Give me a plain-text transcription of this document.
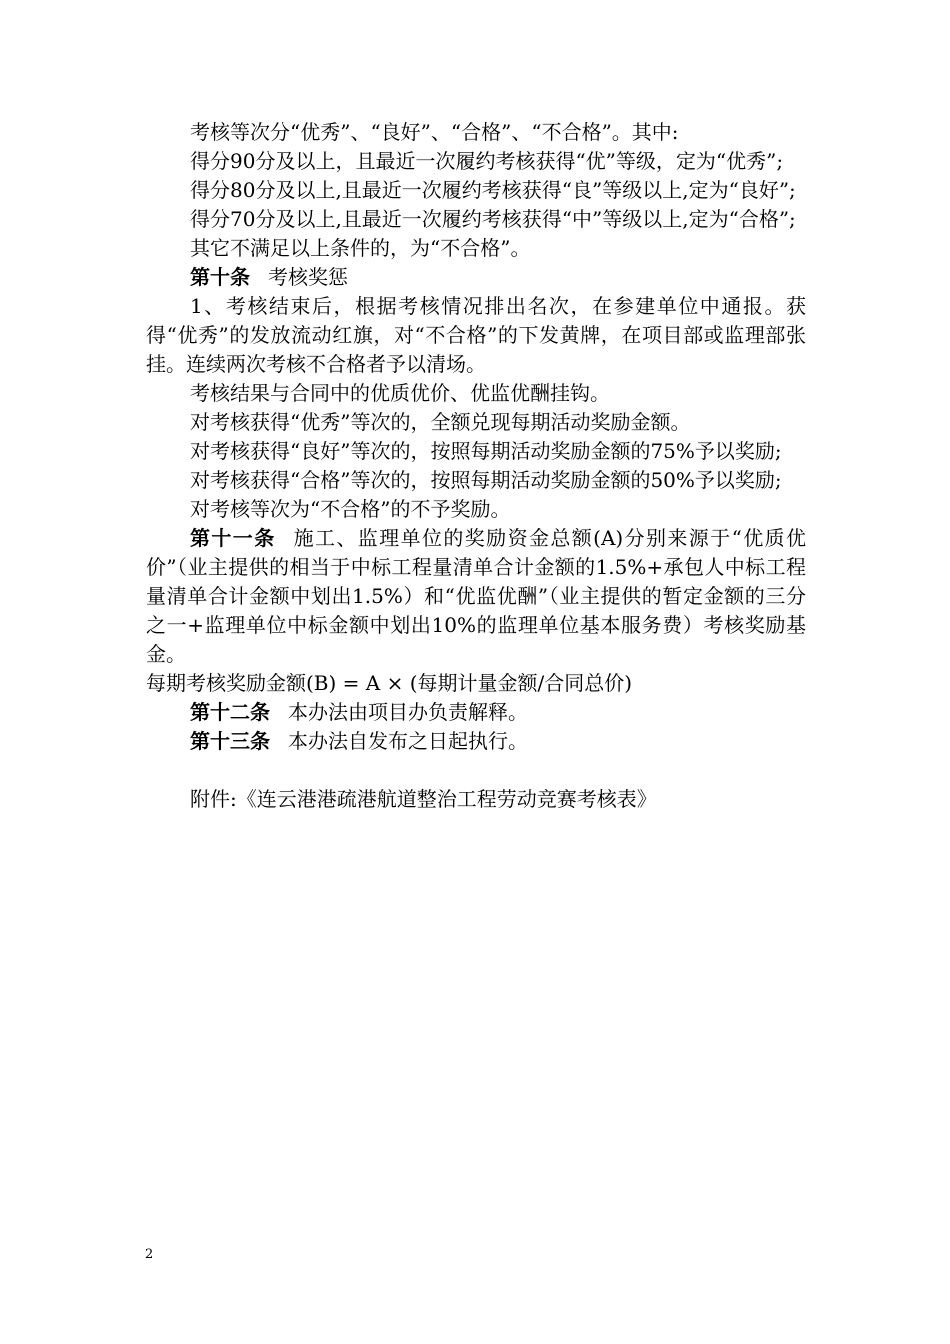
考核等次分“优秀”、“良好”、“合格”、“不合格”。其中:

得分90分及以上，且最近一次履约考核获得“优”等级，定为“优秀”;

得分80分及以上,且最近一次履约考核获得“良”等级以上,定为“良好”;

得分70分及以上,且最近一次履约考核获得“中”等级以上,定为“合格”;

其它不满足以上条件的，为“不合格”。

第十条 考核奖惩

1、考核结束后，根据考核情况排出名次，在参建单位中通报。获得“优秀”的发放流动红旗，对“不合格”的下发黄牌，在项目部或监理部张挂。连续两次考核不合格者予以清场。

考核结果与合同中的优质优价、优监优酬挂钩。

对考核获得“优秀”等次的，全额兑现每期活动奖励金额。

对考核获得“良好”等次的，按照每期活动奖励金额的75%予以奖励;

对考核获得“合格”等次的，按照每期活动奖励金额的50%予以奖励;

对考核等次为“不合格”的不予奖励。

第十一条 施工、监理单位的奖励资金总额(A)分别来源于“优质优价”（业主提供的相当于中标工程量清单合计金额的1.5%+承包人中标工程量清单合计金额中划出1.5%）和“优监优酬”（业主提供的暂定金额的三分之一+监理单位中标金额中划出10%的监理单位基本服务费）考核奖励基金。

每期考核奖励金额(B) = A × (每期计量金额/合同总价)

第十二条 本办法由项目办负责解释。

第十三条 本办法自发布之日起执行。

附件:《连云港港疏港航道整治工程劳动竞赛考核表》

2
